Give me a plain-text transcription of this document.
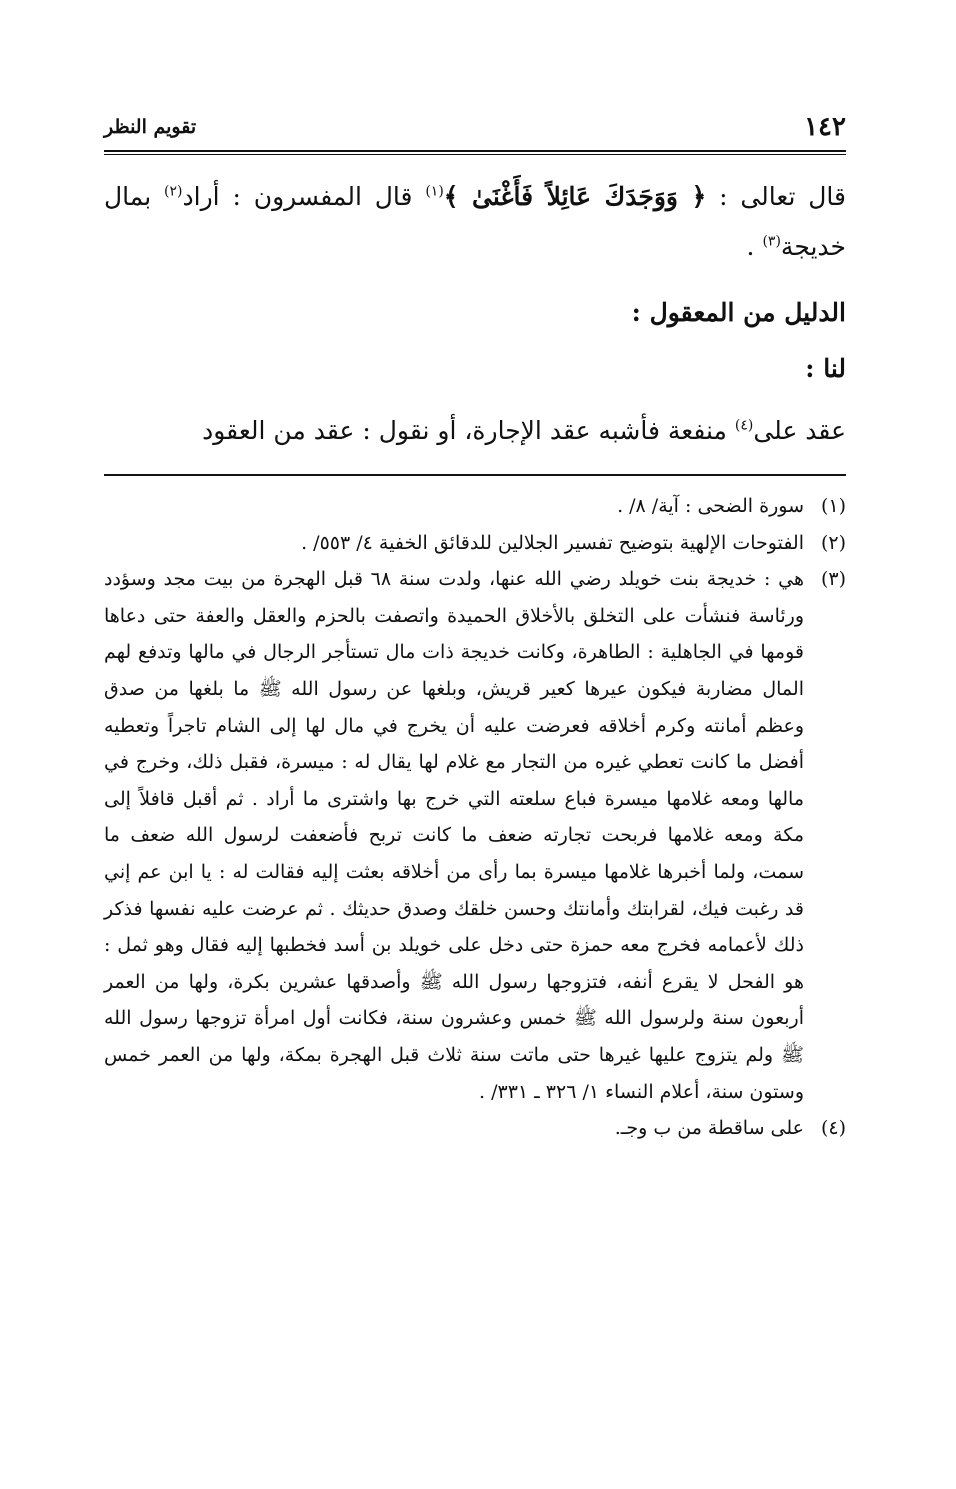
١٤٢
تقويم النظر

قال تعالى : ﴿ وَوَجَدَكَ عَائِلاً فَأَغْنَىٰ ﴾$^{(١)}$ قال المفسرون : أراد$^{(٢)}$ بمال خديجة$^{(٣)}$ .

الدليل من المعقول :

لنا :

عقد على$^{(٤)}$ منفعة فأشبه عقد الإجارة، أو نقول : عقد من العقود

(١)
سورة الضحى : آية/ ٨/ .
(٢)
الفتوحات الإلهية بتوضيح تفسير الجلالين للدقائق الخفية ٤/ ٥٥٣/ .
(٣)
هي : خديجة بنت خويلد رضي الله عنها، ولدت سنة ٦٨ قبل الهجرة من بيت مجد وسؤدد ورئاسة فنشأت على التخلق بالأخلاق الحميدة واتصفت بالحزم والعقل والعفة حتى دعاها قومها في الجاهلية : الطاهرة، وكانت خديجة ذات مال تستأجر الرجال في مالها وتدفع لهم المال مضاربة فيكون عيرها كعير قريش، وبلغها عن رسول الله ﷺ ما بلغها من صدق وعظم أمانته وكرم أخلاقه فعرضت عليه أن يخرج في مال لها إلى الشام تاجراً وتعطيه أفضل ما كانت تعطي غيره من التجار مع غلام لها يقال له : ميسرة، فقبل ذلك، وخرج في مالها ومعه غلامها ميسرة فباع سلعته التي خرج بها واشترى ما أراد . ثم أقبل قافلاً إلى مكة ومعه غلامها فربحت تجارته ضعف ما كانت تربح فأضعفت لرسول الله ضعف ما سمت، ولما أخبرها غلامها ميسرة بما رأى من أخلاقه بعثت إليه فقالت له : يا ابن عم إني قد رغبت فيك، لقرابتك وأمانتك وحسن خلقك وصدق حديثك . ثم عرضت عليه نفسها فذكر ذلك لأعمامه فخرج معه حمزة حتى دخل على خويلد بن أسد فخطبها إليه فقال وهو ثمل : هو الفحل لا يقرع أنفه، فتزوجها رسول الله ﷺ وأصدقها عشرين بكرة، ولها من العمر أربعون سنة ولرسول الله ﷺ خمس وعشرون سنة، فكانت أول امرأة تزوجها رسول الله ﷺ ولم يتزوج عليها غيرها حتى ماتت سنة ثلاث قبل الهجرة بمكة، ولها من العمر خمس وستون سنة، أعلام النساء ١/ ٣٢٦ ـ ٣٣١/ .
(٤)
على ساقطة من ب وجـ.
